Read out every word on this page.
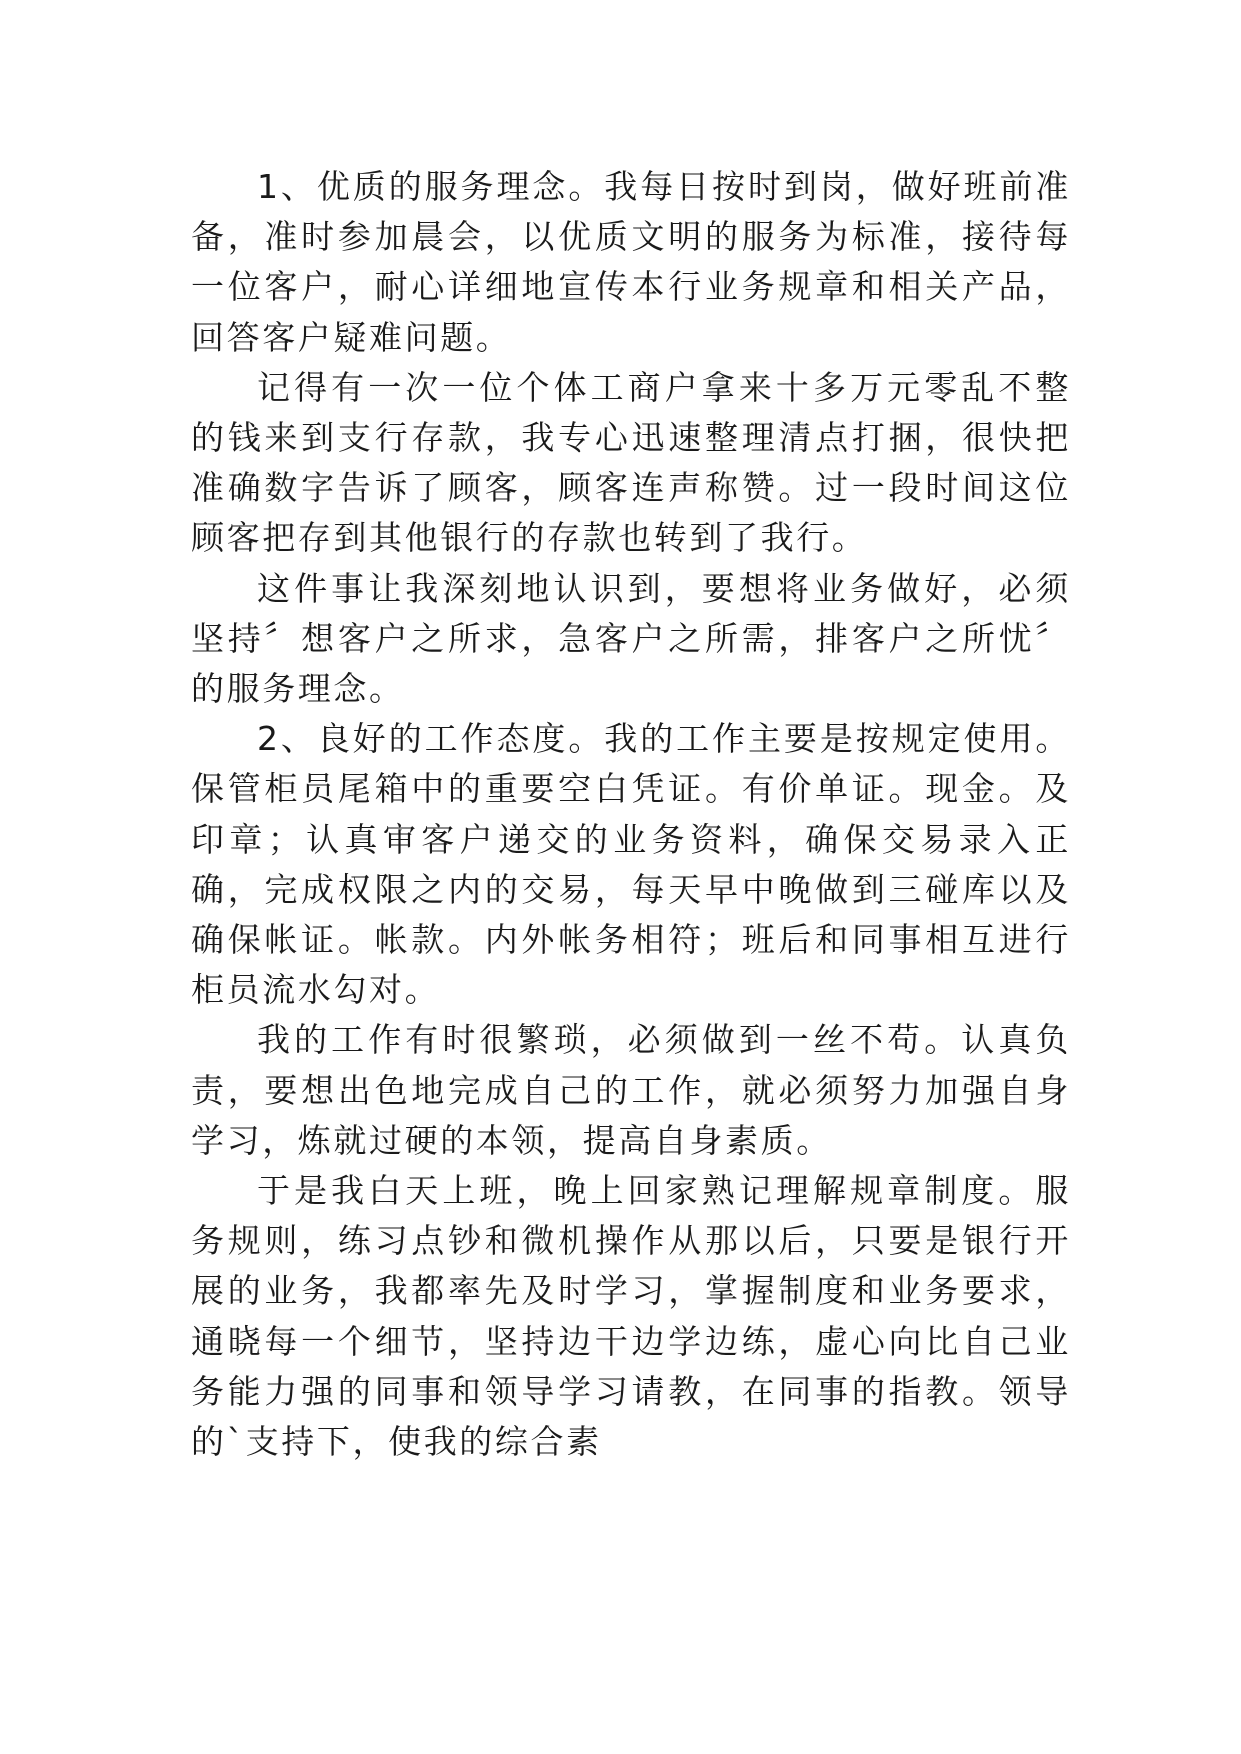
1、优质的服务理念。我每日按时到岗，做好班前准备，准时参加晨会，以优质文明的服务为标准，接待每一位客户，耐心详细地宣传本行业务规章和相关产品，回答客户疑难问题。

记得有一次一位个体工商户拿来十多万元零乱不整的钱来到支行存款，我专心迅速整理清点打捆，很快把准确数字告诉了顾客，顾客连声称赞。过一段时间这位顾客把存到其他银行的存款也转到了我行。

这件事让我深刻地认识到，要想将业务做好，必须坚持〞想客户之所求，急客户之所需，排客户之所忧〞的服务理念。

2、良好的工作态度。我的工作主要是按规定使用。保管柜员尾箱中的重要空白凭证。有价单证。现金。及印章；认真审客户递交的业务资料，确保交易录入正确，完成权限之内的交易，每天早中晚做到三碰库以及确保帐证。帐款。内外帐务相符；班后和同事相互进行柜员流水勾对。

我的工作有时很繁琐，必须做到一丝不苟。认真负责，要想出色地完成自己的工作，就必须努力加强自身学习，炼就过硬的本领，提高自身素质。

于是我白天上班，晚上回家熟记理解规章制度。服务规则，练习点钞和微机操作从那以后，只要是银行开展的业务，我都率先及时学习，掌握制度和业务要求，通晓每一个细节，坚持边干边学边练，虚心向比自己业务能力强的同事和领导学习请教，在同事的指教。领导的`支持下，使我的综合素
